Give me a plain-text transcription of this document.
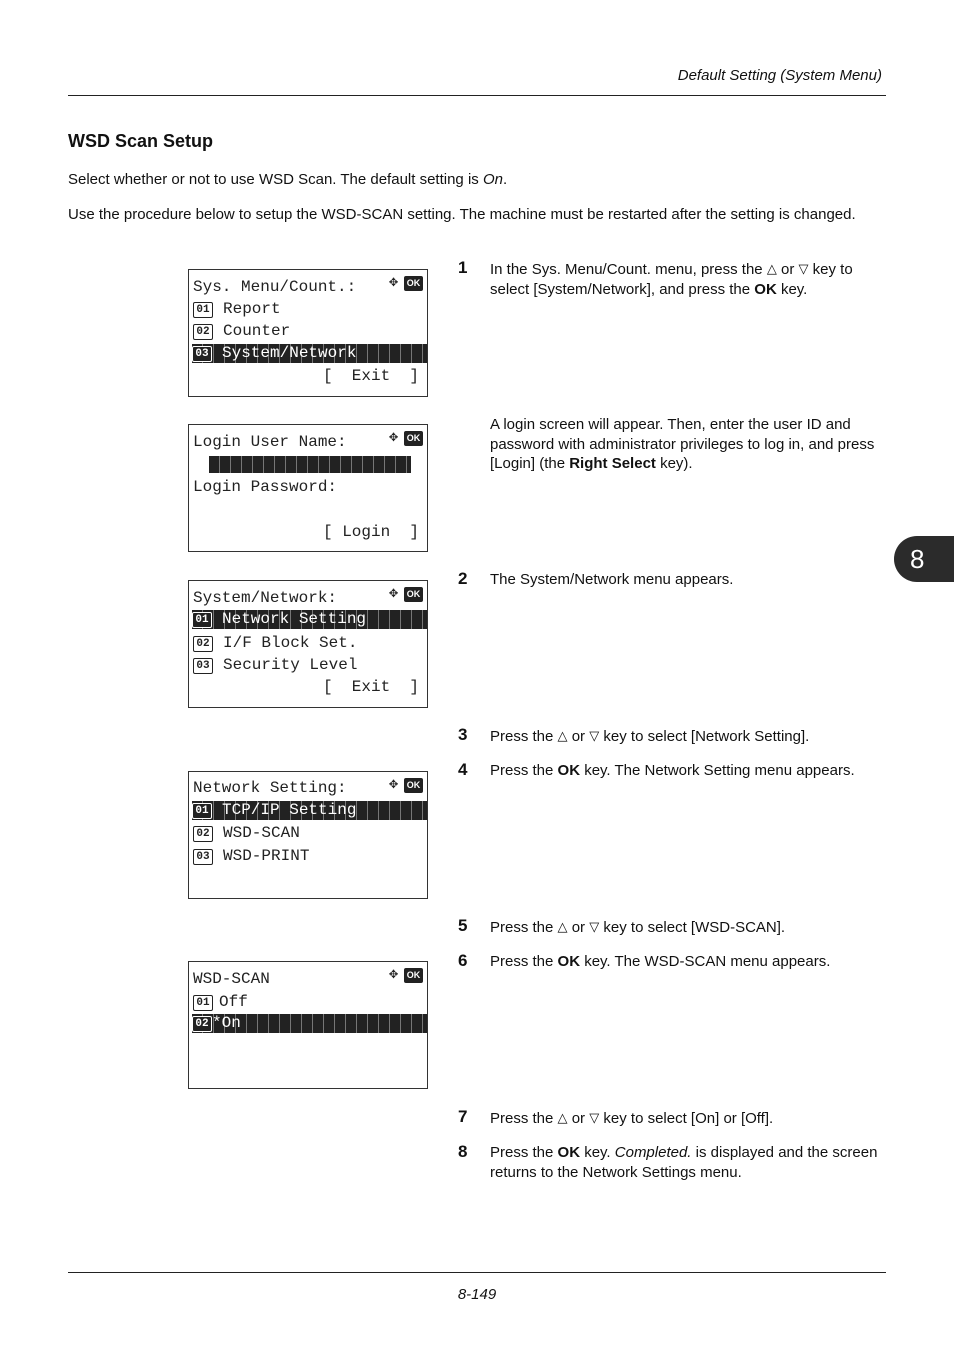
Default Setting (System Menu)
WSD Scan Setup
Select whether or not to use WSD Scan. The default setting is On.
Use the procedure below to setup the WSD-SCAN setting. The machine must be restarted after the setting is changed.
8
Sys. Menu/Count.:	✥ OK
01 Report
02 Counter
03 System/Network
[  Exit  ]
Login User Name:	✥ OK
Login Password:
[ Login  ]
System/Network:	✥ OK
01 Network Setting
02 I/F Block Set.
03 Security Level
[  Exit  ]
Network Setting:	✥ OK
01 TCP/IP Setting
02 WSD-SCAN
03 WSD-PRINT
WSD-SCAN	✥ OK
01 Off
02 *On
1 In the Sys. Menu/Count. menu, press the △ or ▽ key to select [System/Network], and press the OK key.
A login screen will appear. Then, enter the user ID and password with administrator privileges to log in, and press [Login] (the Right Select key).
2 The System/Network menu appears.
3 Press the △ or ▽ key to select [Network Setting].
4 Press the OK key. The Network Setting menu appears.
5 Press the △ or ▽ key to select [WSD-SCAN].
6 Press the OK key. The WSD-SCAN menu appears.
7 Press the △ or ▽ key to select [On] or [Off].
8 Press the OK key. Completed. is displayed and the screen returns to the Network Settings menu.
8-149
